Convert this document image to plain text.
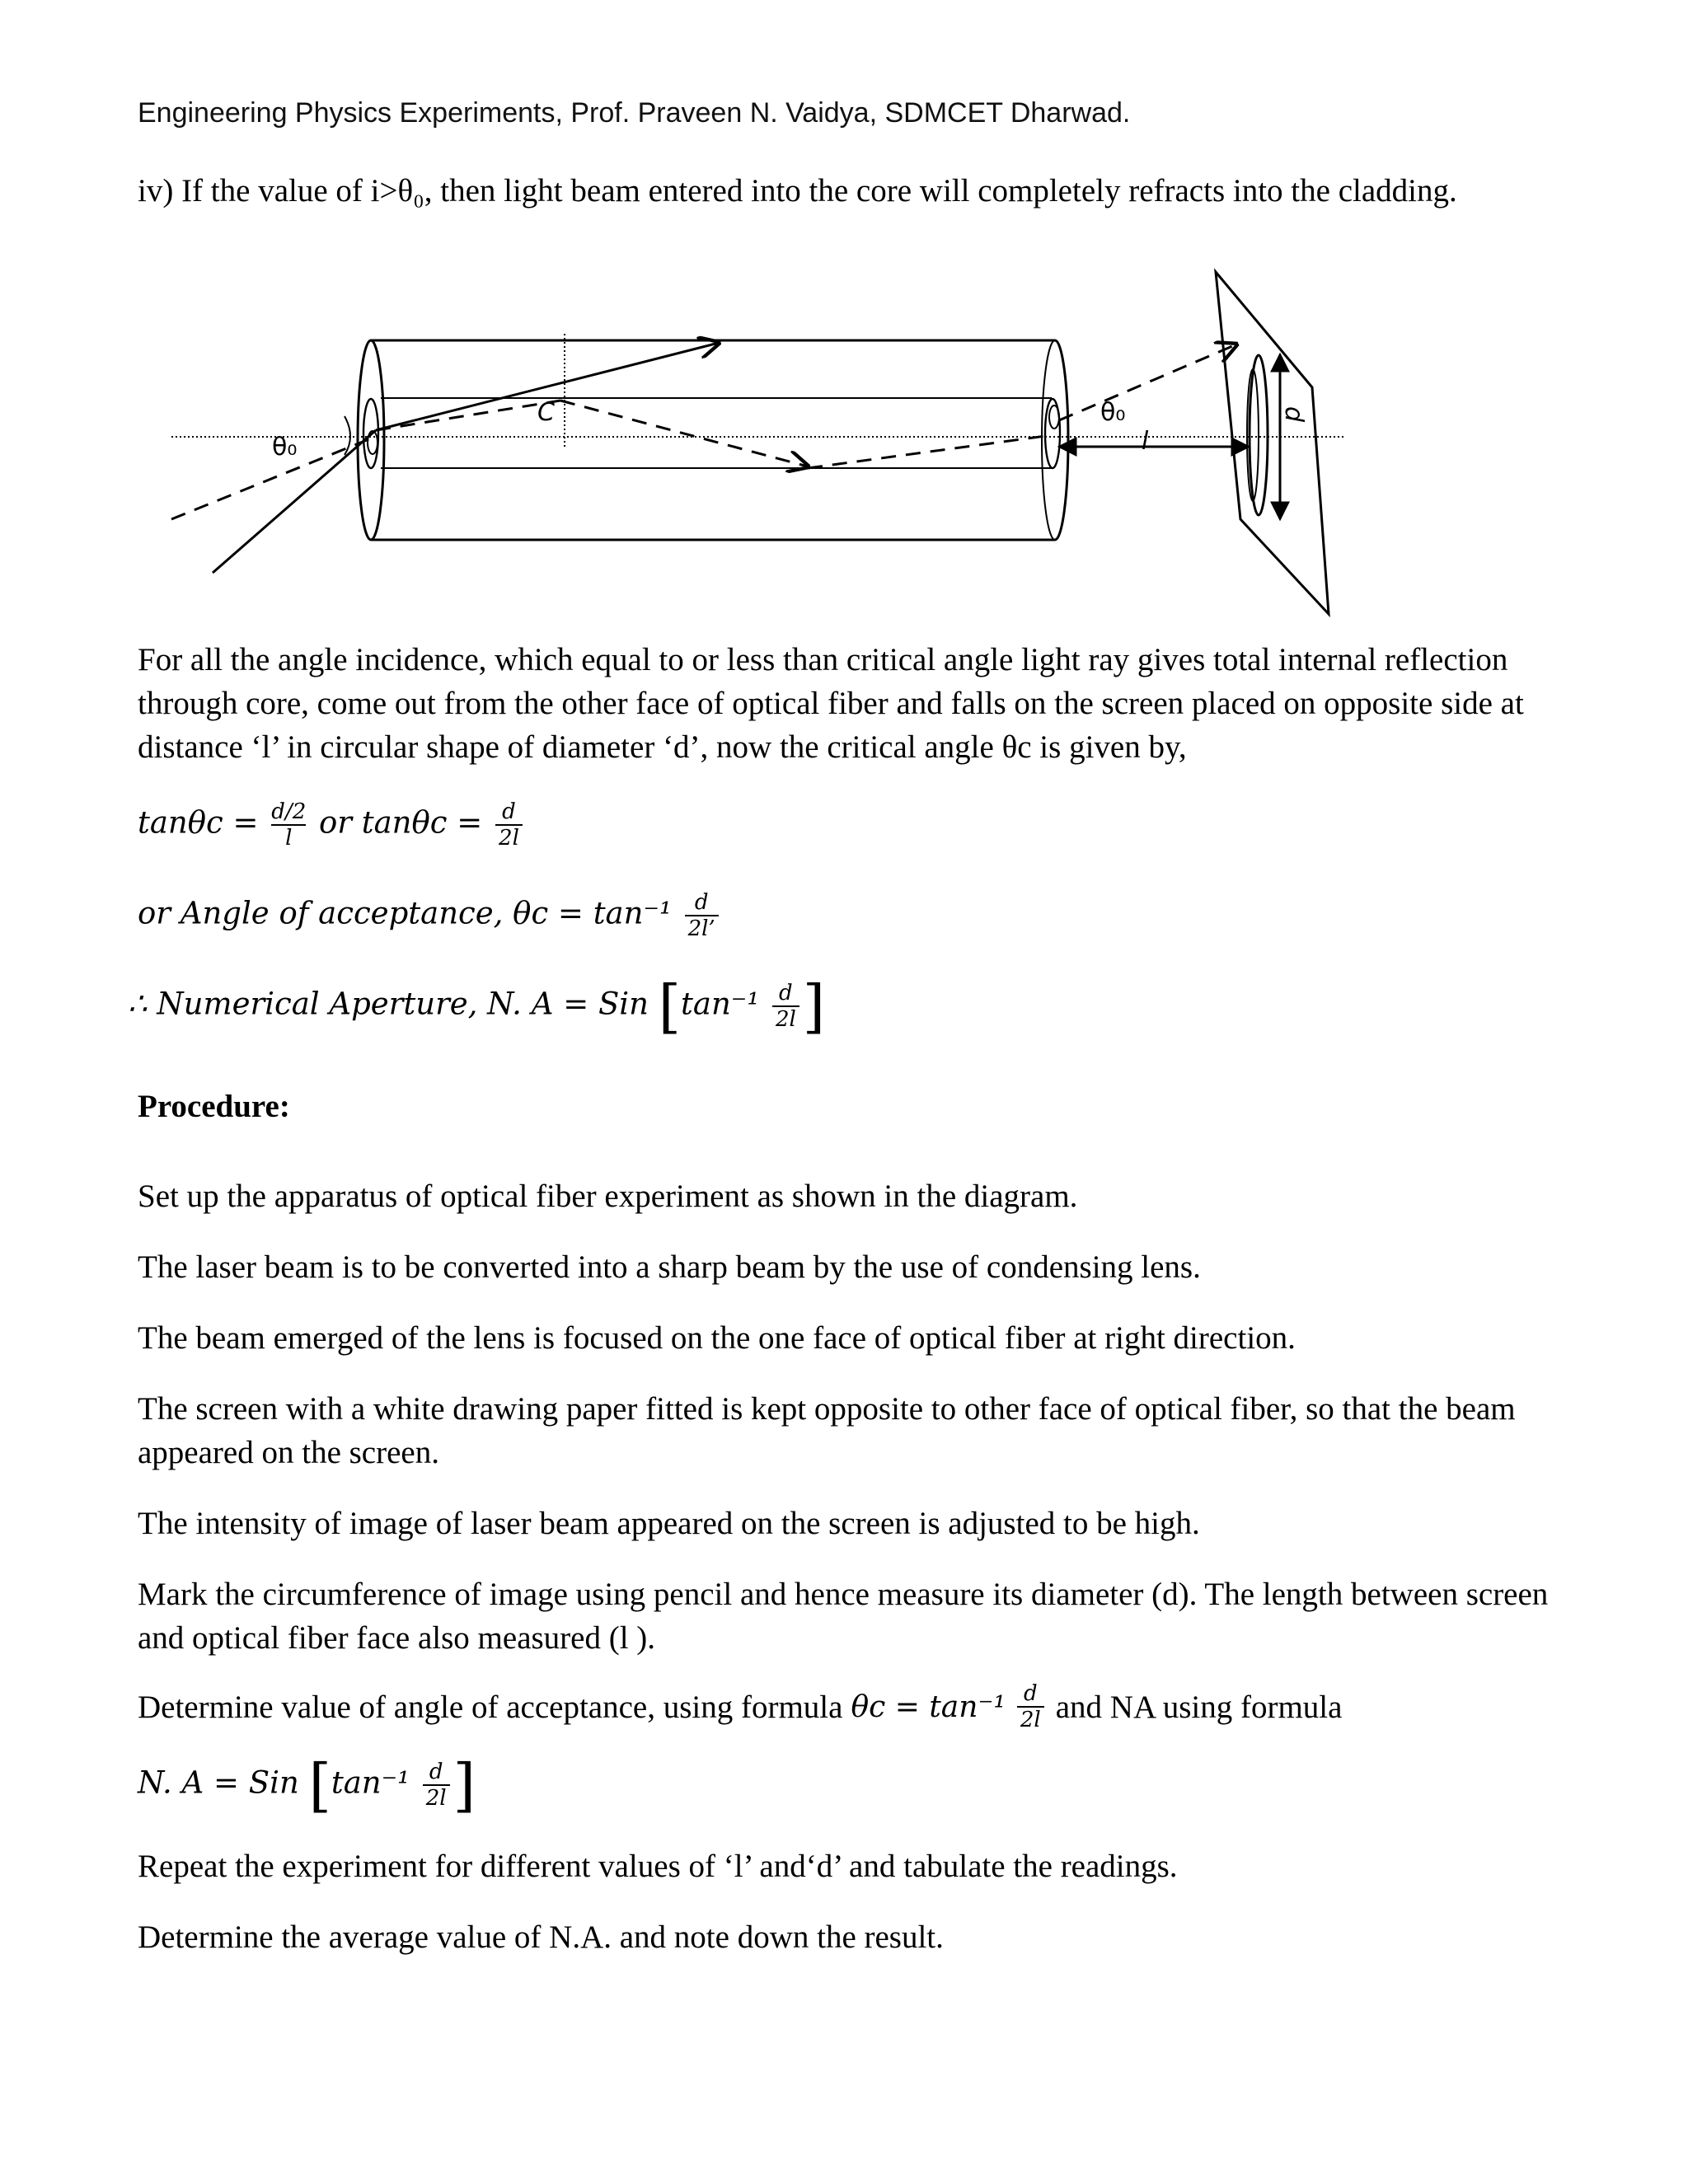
Engineering Physics Experiments, Prof. Praveen N. Vaidya, SDMCET Dharwad.
iv) If the value of i>θ₀, then light beam entered into the core will completely refracts into the cladding.
θ₀
θ₀
C
l
d
For all the angle incidence, which equal to or less than critical angle light ray gives total internal reflection through core, come out from the other face of optical fiber and falls on the screen placed on opposite side at distance ‘l’ in circular shape of diameter ‘d’, now the critical angle θc is given by,
$\tan\theta c = \frac{d/2}{l}$ or $\tan\theta c = \frac{d}{2l}$
or Angle of acceptance, $\theta c = \tan^{-1} \frac{d}{2l’}$
∴ Numerical Aperture, N. A = Sin [$\tan^{-1} \frac{d}{2l}$ ]
Procedure:
Set up the apparatus of optical fiber experiment as shown in the diagram.
The laser beam is to be converted into a sharp beam by the use of condensing lens.
The beam emerged of the lens is focused on the one face of optical fiber at right direction.
The screen with a white drawing paper fitted is kept opposite to other face of optical fiber, so that the beam appeared on the screen.
The intensity of image of laser beam appeared on the screen is adjusted to be high.
Mark the circumference of image using pencil and hence measure its diameter (d). The length between screen and optical fiber face also measured (l ).
Determine value of angle of acceptance, using formula $\theta c = \tan^{-1} \frac{d}{2l}$ and NA using formula
N. A = Sin [$\tan^{-1} \frac{d}{2l}$ ]
Repeat the experiment for different values of ‘l’ and‘d’ and tabulate the readings.
Determine the average value of N.A. and note down the result.
